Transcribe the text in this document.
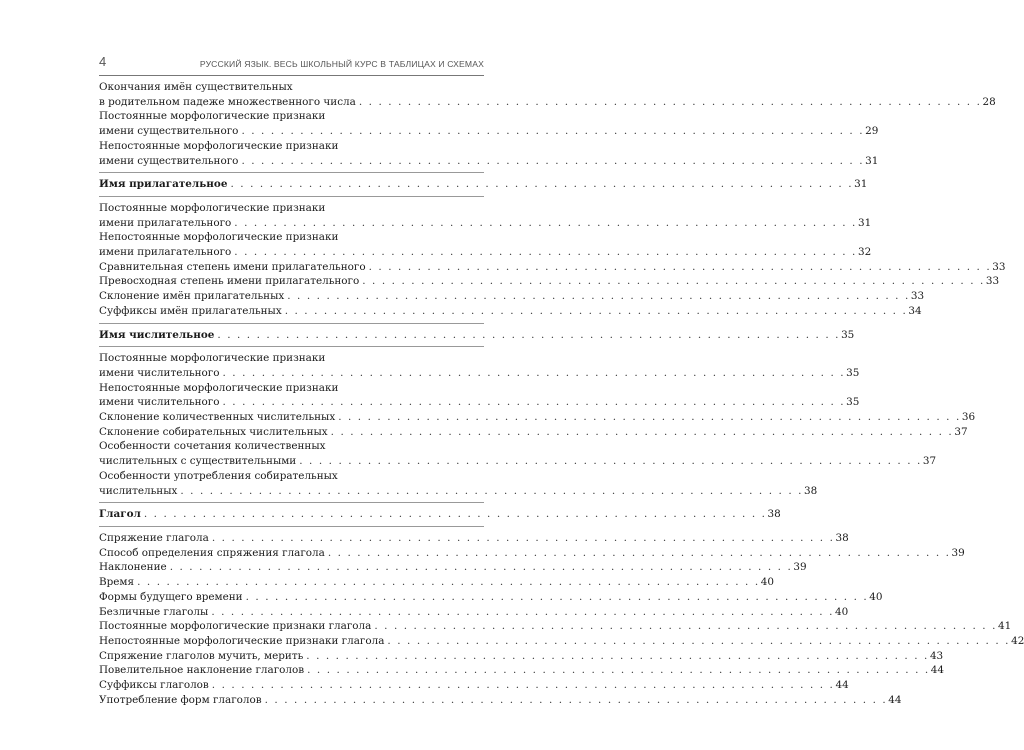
4	РУССКИЙ ЯЗЫК. ВЕСЬ ШКОЛЬНЫЙ КУРС В ТАБЛИЦАХ И СХЕМАХ
Окончания имён существительных
в родительном падеже множественного числа . . . . . . . . . . . . . . . . . . . . . . . . . . . . . . . . . . . . . . . . . . . . . . . . . . . . . . . . . . . . . . . . 28
Постоянные морфологические признаки
имени существительного . . . . . . . . . . . . . . . . . . . . . . . . . . . . . . . . . . . . . . . . . . . . . . . . . . . . . . . . . . . . . . . . 29
Непостоянные морфологические признаки
имени существительного . . . . . . . . . . . . . . . . . . . . . . . . . . . . . . . . . . . . . . . . . . . . . . . . . . . . . . . . . . . . . . . . 31
Имя прилагательное . . . . . . . . . . . . . . . . . . . . . . . . . . . . . . . . . . . . . . . . . . . . . . . . . . . . . . . . . . . . . . . . 31
Постоянные морфологические признаки
имени прилагательного . . . . . . . . . . . . . . . . . . . . . . . . . . . . . . . . . . . . . . . . . . . . . . . . . . . . . . . . . . . . . . . . 31
Непостоянные морфологические признаки
имени прилагательного . . . . . . . . . . . . . . . . . . . . . . . . . . . . . . . . . . . . . . . . . . . . . . . . . . . . . . . . . . . . . . . . 32
Сравнительная степень имени прилагательного . . . . . . . . . . . . . . . . . . . . . . . . . . . . . . . . . . . . . . . . . . . . . . . . . . . . . . . . . . . . . . . . 33
Превосходная степень имени прилагательного . . . . . . . . . . . . . . . . . . . . . . . . . . . . . . . . . . . . . . . . . . . . . . . . . . . . . . . . . . . . . . . . 33
Склонение имён прилагательных . . . . . . . . . . . . . . . . . . . . . . . . . . . . . . . . . . . . . . . . . . . . . . . . . . . . . . . . . . . . . . . . 33
Суффиксы имён прилагательных . . . . . . . . . . . . . . . . . . . . . . . . . . . . . . . . . . . . . . . . . . . . . . . . . . . . . . . . . . . . . . . . 34
Имя числительное . . . . . . . . . . . . . . . . . . . . . . . . . . . . . . . . . . . . . . . . . . . . . . . . . . . . . . . . . . . . . . . . 35
Постоянные морфологические признаки
имени числительного . . . . . . . . . . . . . . . . . . . . . . . . . . . . . . . . . . . . . . . . . . . . . . . . . . . . . . . . . . . . . . . . 35
Непостоянные морфологические признаки
имени числительного . . . . . . . . . . . . . . . . . . . . . . . . . . . . . . . . . . . . . . . . . . . . . . . . . . . . . . . . . . . . . . . . 35
Склонение количественных числительных . . . . . . . . . . . . . . . . . . . . . . . . . . . . . . . . . . . . . . . . . . . . . . . . . . . . . . . . . . . . . . . . 36
Склонение собирательных числительных . . . . . . . . . . . . . . . . . . . . . . . . . . . . . . . . . . . . . . . . . . . . . . . . . . . . . . . . . . . . . . . . 37
Особенности сочетания количественных
числительных с существительными . . . . . . . . . . . . . . . . . . . . . . . . . . . . . . . . . . . . . . . . . . . . . . . . . . . . . . . . . . . . . . . . 37
Особенности употребления собирательных
числительных . . . . . . . . . . . . . . . . . . . . . . . . . . . . . . . . . . . . . . . . . . . . . . . . . . . . . . . . . . . . . . . . 38
Глагол . . . . . . . . . . . . . . . . . . . . . . . . . . . . . . . . . . . . . . . . . . . . . . . . . . . . . . . . . . . . . . . . 38
Спряжение глагола . . . . . . . . . . . . . . . . . . . . . . . . . . . . . . . . . . . . . . . . . . . . . . . . . . . . . . . . . . . . . . . . 38
Способ определения спряжения глагола . . . . . . . . . . . . . . . . . . . . . . . . . . . . . . . . . . . . . . . . . . . . . . . . . . . . . . . . . . . . . . . . 39
Наклонение . . . . . . . . . . . . . . . . . . . . . . . . . . . . . . . . . . . . . . . . . . . . . . . . . . . . . . . . . . . . . . . . 39
Время . . . . . . . . . . . . . . . . . . . . . . . . . . . . . . . . . . . . . . . . . . . . . . . . . . . . . . . . . . . . . . . . 40
Формы будущего времени . . . . . . . . . . . . . . . . . . . . . . . . . . . . . . . . . . . . . . . . . . . . . . . . . . . . . . . . . . . . . . . . 40
Безличные глаголы . . . . . . . . . . . . . . . . . . . . . . . . . . . . . . . . . . . . . . . . . . . . . . . . . . . . . . . . . . . . . . . . 40
Постоянные морфологические признаки глагола . . . . . . . . . . . . . . . . . . . . . . . . . . . . . . . . . . . . . . . . . . . . . . . . . . . . . . . . . . . . . . . . 41
Непостоянные морфологические признаки глагола . . . . . . . . . . . . . . . . . . . . . . . . . . . . . . . . . . . . . . . . . . . . . . . . . . . . . . . . . . . . . . . . 42
Спряжение глаголов мучить, мерить . . . . . . . . . . . . . . . . . . . . . . . . . . . . . . . . . . . . . . . . . . . . . . . . . . . . . . . . . . . . . . . . 43
Повелительное наклонение глаголов . . . . . . . . . . . . . . . . . . . . . . . . . . . . . . . . . . . . . . . . . . . . . . . . . . . . . . . . . . . . . . . . 44
Суффиксы глаголов . . . . . . . . . . . . . . . . . . . . . . . . . . . . . . . . . . . . . . . . . . . . . . . . . . . . . . . . . . . . . . . . 44
Употребление форм глаголов . . . . . . . . . . . . . . . . . . . . . . . . . . . . . . . . . . . . . . . . . . . . . . . . . . . . . . . . . . . . . . . . 44
